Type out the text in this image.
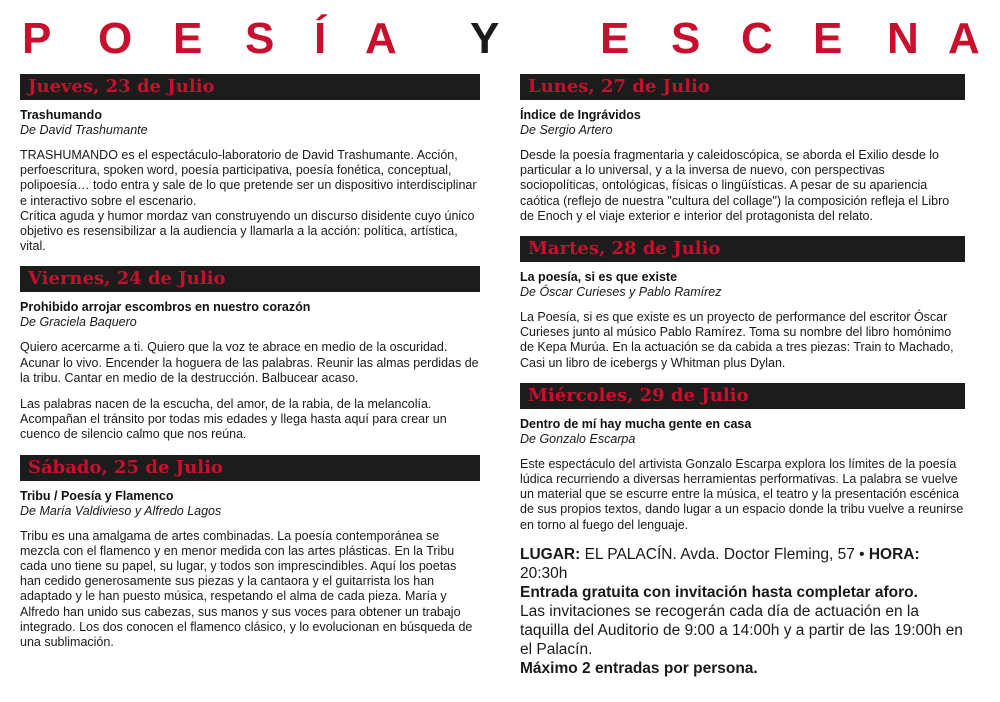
P O E S Í A Y E S C E N A
Jueves, 23 de Julio

Trashumando

De David Trashumante

TRASHUMANDO es el espectáculo-laboratorio de David Trashumante. Acción, perfoescritura, spoken word, poesía participativa, poesía fonética, conceptual, polipoesía… todo entra y sale de lo que pretende ser un dispositivo interdisciplinar e interactivo sobre el escenario.
Crítica aguda y humor mordaz van construyendo un discurso disidente cuyo único objetivo es resensibilizar a la audiencia y llamarla a la acción: política, artística, vital.

Viernes, 24 de Julio

Prohibido arrojar escombros en nuestro corazón

De Graciela Baquero

Quiero acercarme a ti. Quiero que la voz te abrace en medio de la oscuridad. Acunar lo vivo. Encender la hoguera de las palabras. Reunir las almas perdidas de la tribu. Cantar en medio de la destrucción. Balbucear acaso.

Las palabras nacen de la escucha, del amor, de la rabia, de la melancolía. Acompañan el tránsito por todas mis edades y llega hasta aquí para crear un cuenco de silencio calmo que nos reúna.

Sábado, 25 de Julio

Tribu / Poesía y Flamenco

De María Valdivieso y Alfredo Lagos

Tribu es una amalgama de artes combinadas. La poesía contemporánea se mezcla con el flamenco y en menor medida con las artes plásticas. En la Tribu cada uno tiene su papel, su lugar, y todos son imprescindibles. Aquí los poetas han cedido generosamente sus piezas y la cantaora y el guitarrista los han adaptado y le han puesto música, respetando el alma de cada pieza. María y Alfredo han unido sus cabezas, sus manos y sus voces para obtener un trabajo integrado. Los dos conocen el flamenco clásico, y lo evolucionan en búsqueda de una sublimación.

Lunes, 27 de Julio

Índice de Ingrávidos

De Sergio Artero

Desde la poesía fragmentaria y caleidoscópica, se aborda el Exilio desde lo particular a lo universal, y a la inversa de nuevo, con perspectivas sociopolíticas, ontológicas, físicas o lingüísticas. A pesar de su apariencia caótica (reflejo de nuestra "cultura del collage") la composición refleja el Libro de Enoch y el viaje exterior e interior del protagonista del relato.

Martes, 28 de Julio

La poesía, si es que existe

De Óscar Curieses y Pablo Ramírez

La Poesía, si es que existe es un proyecto de performance del escritor Óscar Curieses junto al músico Pablo Ramírez. Toma su nombre del libro homónimo de Kepa Murúa. En la actuación se da cabida a tres piezas: Train to Machado, Casi un libro de icebergs y Whitman plus Dylan.

Miércoles, 29 de Julio

Dentro de mí hay mucha gente en casa

De Gonzalo Escarpa

Este espectáculo del artivista Gonzalo Escarpa explora los límites de la poesía lúdica recurriendo a diversas herramientas performativas. La palabra se vuelve un material que se escurre entre la música, el teatro y la presentación escénica de sus propios textos, dando lugar a un espacio donde la tribu vuelve a reunirse en torno al fuego del lenguaje.

LUGAR: EL PALACÍN. Avda. Doctor Fleming, 57 • HORA: 20:30h
Entrada gratuita con invitación hasta completar aforo.
Las invitaciones se recogerán cada día de actuación en la taquilla del Auditorio de 9:00 a 14:00h y a partir de las 19:00h en el Palacín.
Máximo 2 entradas por persona.
